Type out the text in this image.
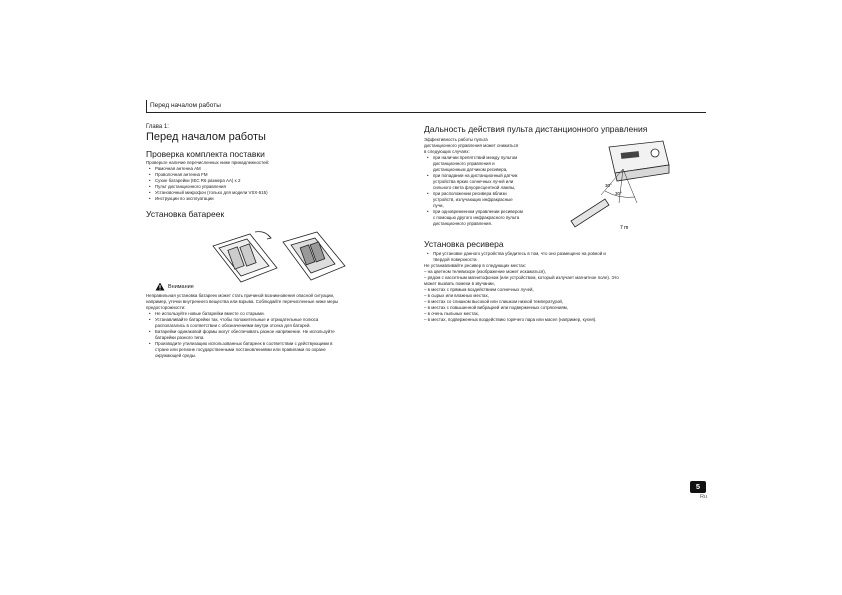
Перед началом работы
Глава 1:
Перед началом работы
Проверка комплекта поставки

Проверьте наличие перечисленных ниже принадлежностей:

• Рамочная антенна AM
• Проволочная антенна FM
• Сухие батарейки (IEC R6 размера AA) x 2
• Пульт дистанционного управления
• Установочный микрофон (только для модели VSX-515)
• Инструкции по эксплуатации
Установка батареек
Внимание

Неправильная установка батареек может стать причиной возникновения опасной ситуации,

например, утечки внутреннего вещества или взрыва. Соблюдайте перечисленные ниже меры

предосторожности:

• Не используйте новые батарейки вместе со старыми.
• Устанавливайте батарейки так, чтобы положительные и отрицательные полюса
располагались в соответствии с обозначениями внутри отсека для батарей.
• Батарейки одинаковой формы могут обеспечивать разное напряжение. Не используйте
батарейки разного типа.
• Производите утилизацию использованных батареек в соответствии с действующими в
стране или регионе государственными постановлениями или правилами по охране
окружающей среды.
Дальность действия пульта дистанционного управления

Эффективность работы пульта

дистанционного управления может снижаться

в следующих случаях:

• при наличии препятствий между пультом
дистанционного управления и
дистанционным датчиком ресивера,
• при попадании на дистанционный датчик
устройства ярких солнечных лучей или
сильного света флуоресцентной лампы,
• при расположении ресивера вблизи
устройств, излучающих инфракрасные
лучи,
• при одновременном управлении ресивером
с помощью другого инфракрасного пульта
дистанционного управления.
30°
30°
7 m
Установка ресивера
• При установке данного устройства убедитесь в том, что оно размещено на ровной и
твердой поверхности.

Не устанавливайте ресивер в следующих местах:

– на цветном телевизоре (изображение может искажаться),
– рядом с кассетным магнитофоном (или устройством, который излучает магнитное поле). Это
может вызвать помехи в звучании,
– в местах с прямым воздействием солнечных лучей,
– в сырых или влажных местах,
– в местах со слишком высокой или слишком низкой температурой,
– в местах с повышенной вибрацией или подверженных сотрясениям,
– в очень пыльных местах,
– в местах, подверженных воздействию горячего пара или масел (например, кухня).
5
Ru
